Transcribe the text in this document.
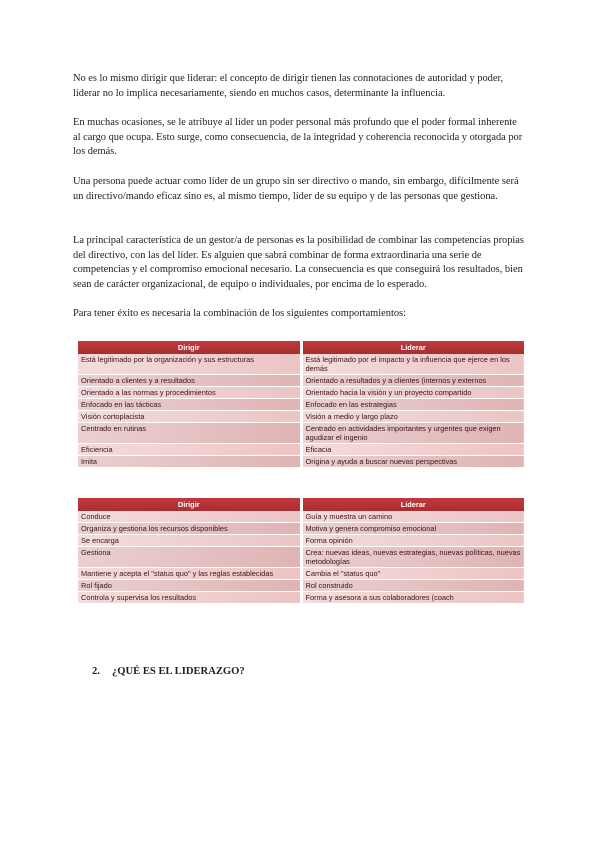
No es lo mismo dirigir que liderar: el concepto de dirigir tienen las connotaciones de autoridad y poder, liderar no lo implica necesariamente, siendo en muchos casos, determinante la influencia.

En muchas ocasiones, se le atribuye al líder un poder personal más profundo que el poder formal inherente al cargo que ocupa. Esto surge, como consecuencia, de la integridad y coherencia reconocida y otorgada por los demás.

Una persona puede actuar como líder de un grupo sin ser directivo o mando, sin embargo, difícilmente será un directivo/mando eficaz sino es, al mismo tiempo, líder de su equipo y de las personas que gestiona.

La principal característica de un gestor/a de personas es la posibilidad de combinar las competencias propias del directivo, con las del líder. Es alguien que sabrá combinar de forma extraordinaria una serie de competencias y el compromiso emocional necesario. La consecuencia es que conseguirá los resultados, bien sean de carácter organizacional, de equipo o individuales, por encima de lo esperado.

Para tener éxito es necesaria la combinación de los siguientes comportamientos:

Dirigir	Liderar
Está legitimado por la organización y sus estructuras	Está legitimado por el impacto y la influencia que ejerce en los demás
Orientado a clientes y a resultados	Orientado a resultados y a clientes (internos y externos
Orientado a las normas y procedimientos	Orientado hacia la visión y un proyecto compartido
Enfocado en las tácticas	Enfocado en las estrategias
Visión cortoplacista	Visión a medio y largo plazo
Centrado en rutinas	Centrado en actividades importantes y urgentes que exigen agudizar el ingenio
Eficiencia	Eficacia
Imita	Origina y ayuda a buscar nuevas perspectivas
Dirigir	Liderar
Conduce	Guía y muestra un camino
Organiza y gestiona los recursos disponibles	Motiva y genera compromiso emocional
Se encarga	Forma opinión
Gestiona	Crea: nuevas ideas, nuevas estrategias, nuevas políticas, nuevas metodologías
Mantiene y acepta el "status quo" y las reglas establecidas	Cambia el "status quo"
Rol fijado	Rol construido
Controla y supervisa los resultados	Forma y asesora a sus colaboradores (coach
2. ¿QUÉ ES EL LIDERAZGO?
